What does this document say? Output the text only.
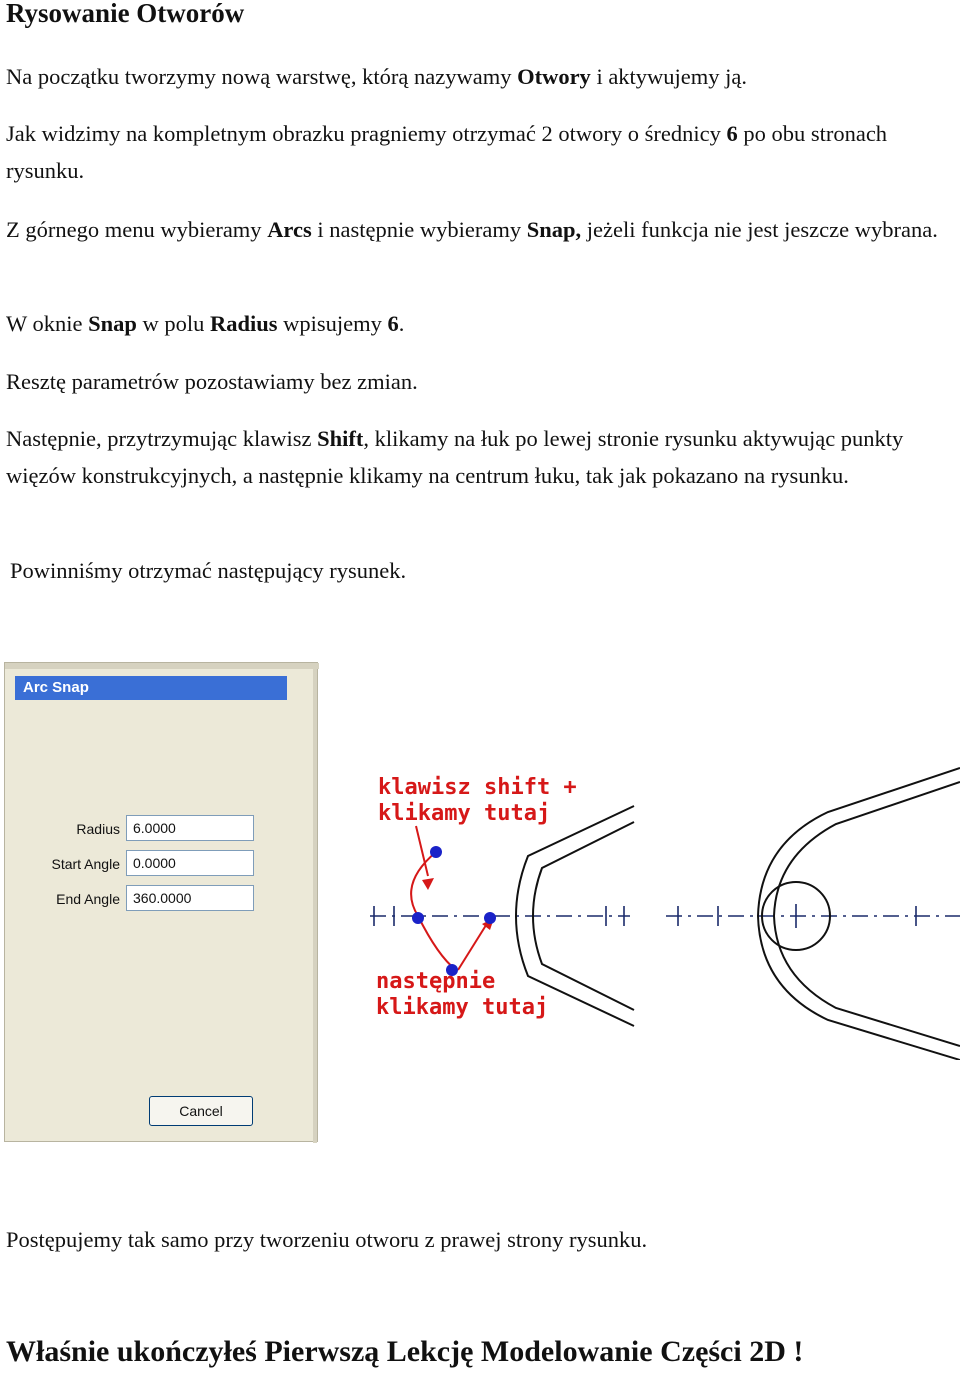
Rysowanie Otworów

Na początku tworzymy nową warstwę, którą nazywamy Otwory i aktywujemy ją.

Jak widzimy na kompletnym obrazku pragniemy otrzymać 2 otwory o średnicy 6 po obu stronach rysunku.

Z górnego menu wybieramy Arcs i następnie wybieramy Snap, jeżeli funkcja nie jest jeszcze wybrana.

W oknie Snap w polu Radius wpisujemy 6.

Resztę parametrów pozostawiamy bez zmian.

Następnie, przytrzymując klawisz Shift, klikamy na łuk po lewej stronie rysunku aktywując punkty więzów konstrukcyjnych, a następnie klikamy na centrum łuku, tak jak pokazano na rysunku.

Powinniśmy otrzymać następujący rysunek.

Arc Snap
Radius
6.0000
Start Angle
0.0000
End Angle
360.0000
Cancel
klawisz shift +
klikamy tutaj
następnie
klikamy tutaj

Postępujemy tak samo przy tworzeniu otworu z prawej strony rysunku.

Właśnie ukończyłeś Pierwszą Lekcję Modelowanie Części 2D !
